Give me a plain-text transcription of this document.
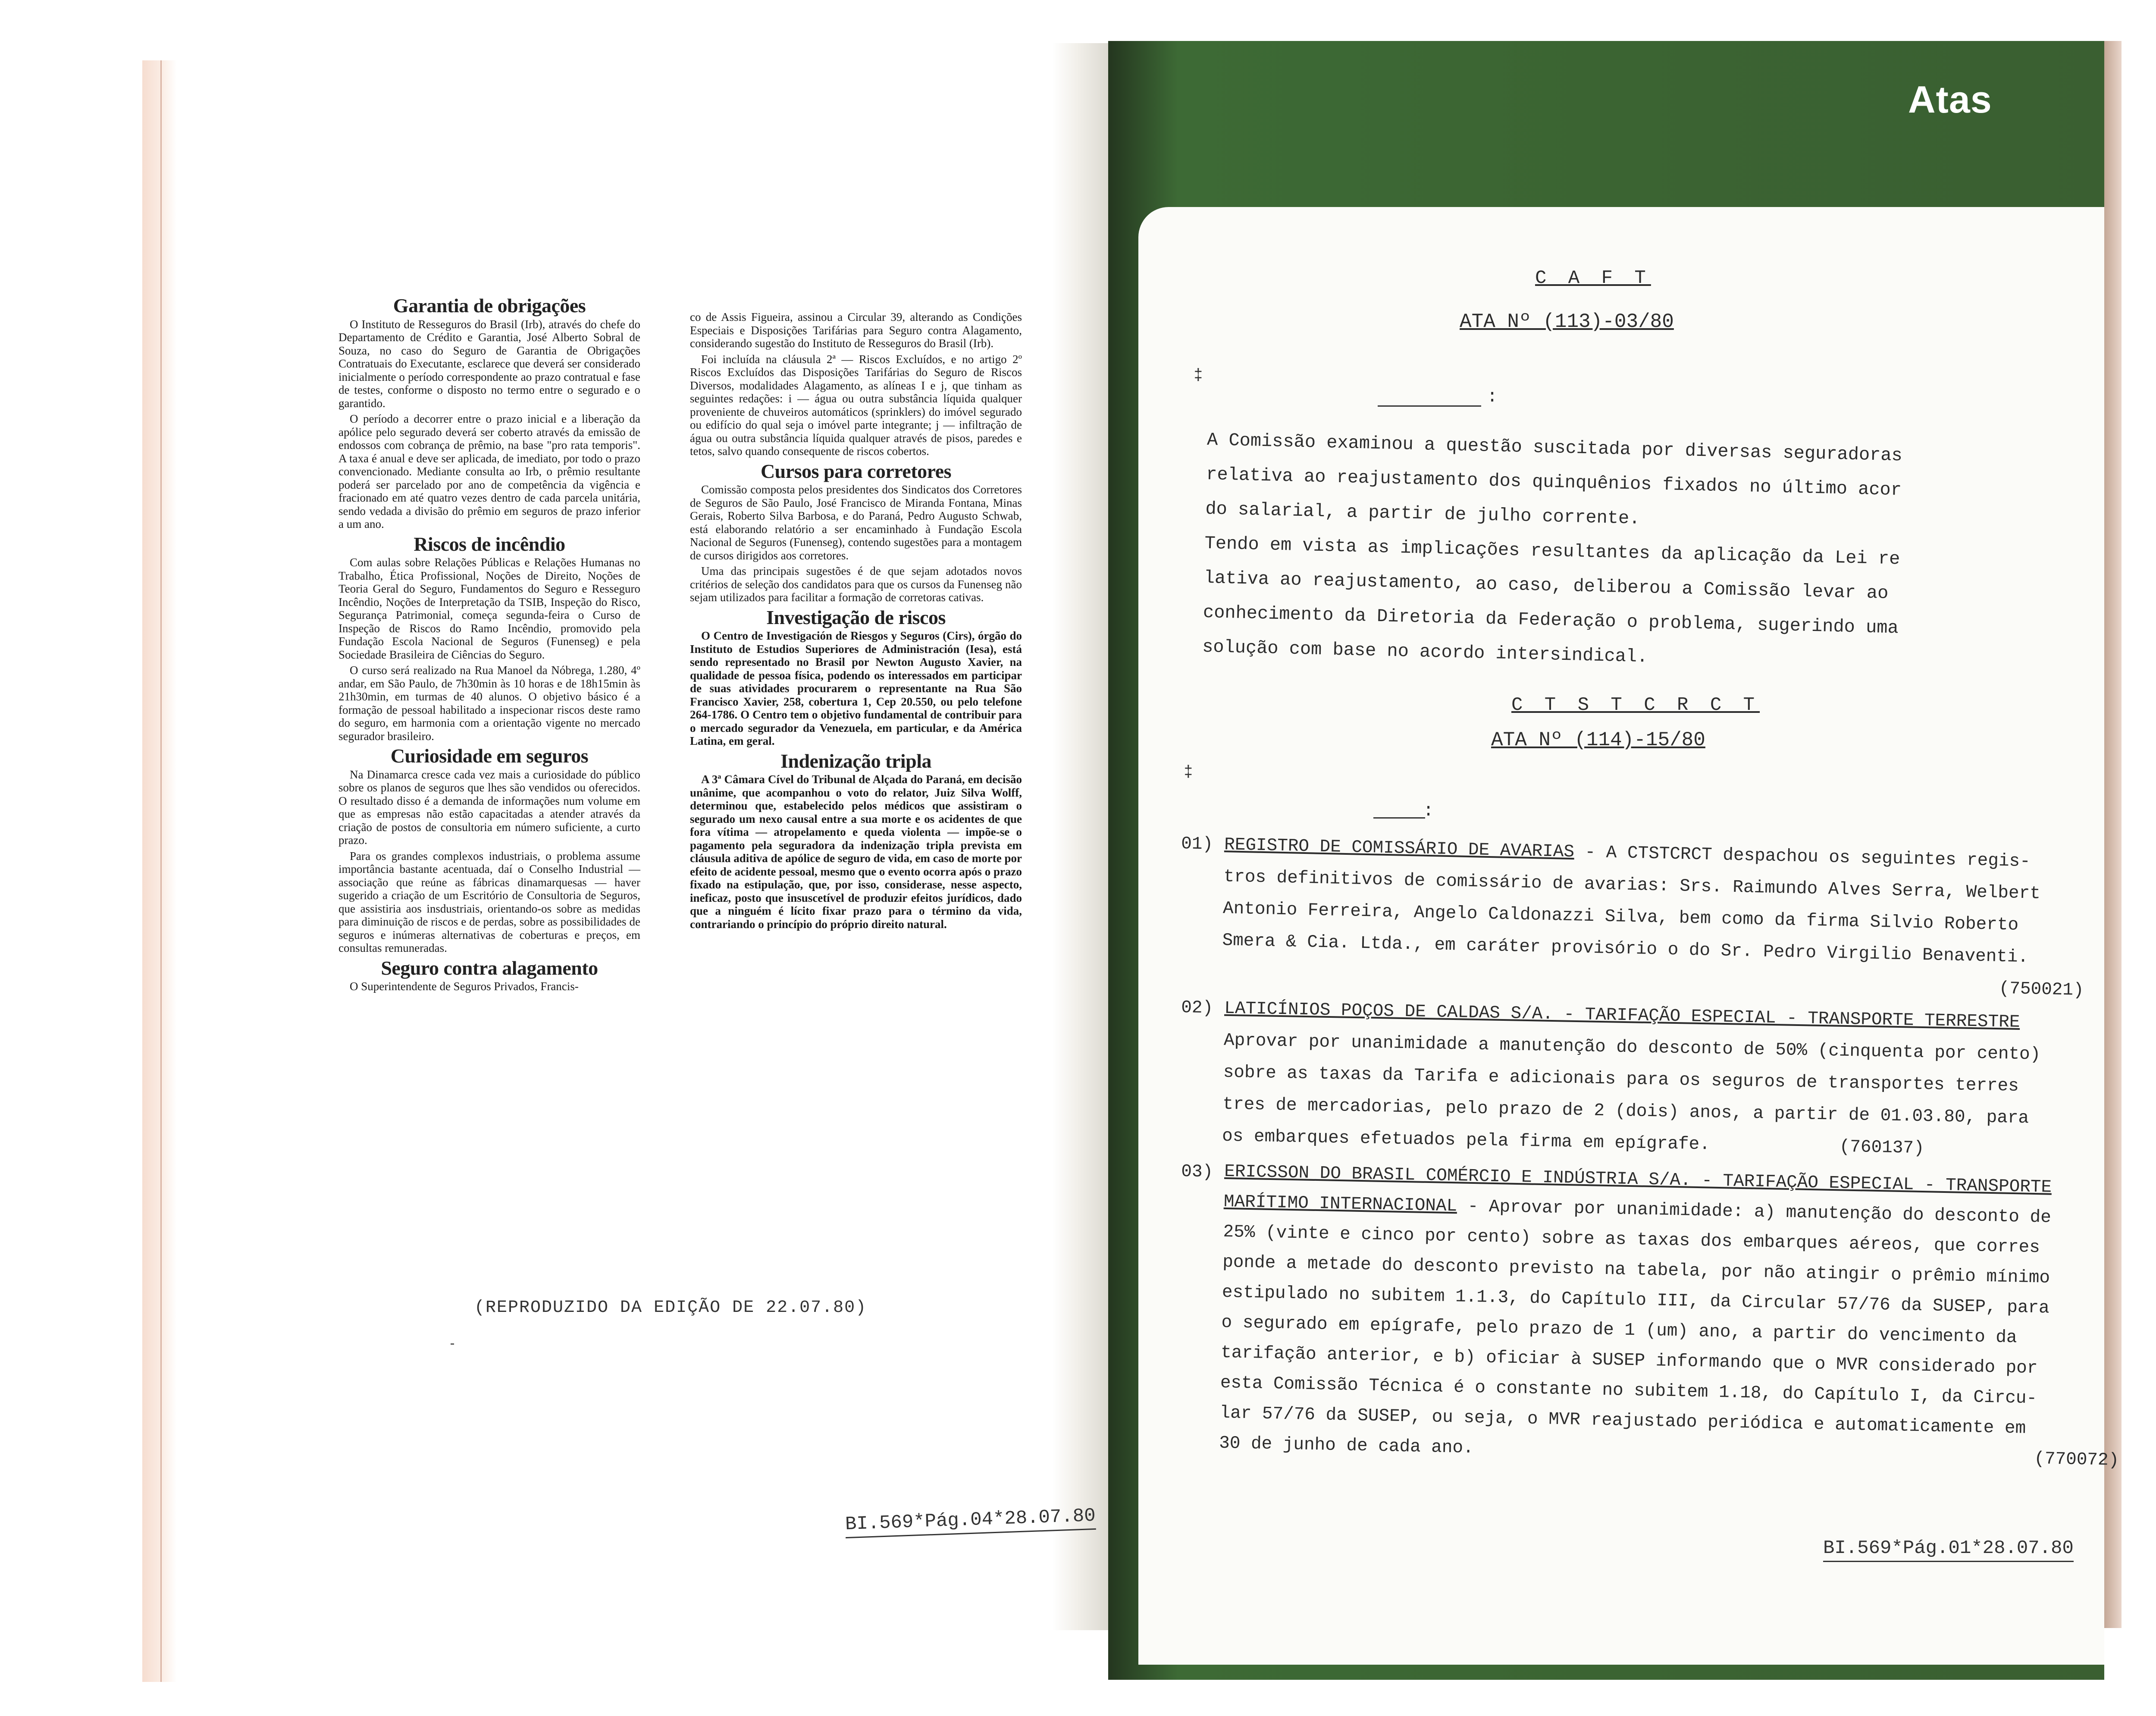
Garantia de obrigações

O Instituto de Resseguros do Brasil (Irb), através do chefe do Departamento de Crédito e Garantia, José Alberto Sobral de Souza, no caso do Seguro de Garantia de Obrigações Contratuais do Executante, esclarece que deverá ser considerado inicialmente o período correspondente ao prazo contratual e fase de testes, conforme o disposto no termo entre o segurado e o garantido.

O período a decorrer entre o prazo inicial e a liberação da apólice pelo segurado deverá ser coberto através da emissão de endossos com cobrança de prêmio, na base "pro rata temporis". A taxa é anual e deve ser aplicada, de imediato, por todo o prazo convencionado. Mediante consulta ao Irb, o prêmio resultante poderá ser parcelado por ano de competência da vigência e fracionado em até quatro vezes dentro de cada parcela unitária, sendo vedada a divisão do prêmio em seguros de prazo inferior a um ano.

Riscos de incêndio

Com aulas sobre Relações Públicas e Relações Humanas no Trabalho, Ética Profissional, Noções de Direito, Noções de Teoria Geral do Seguro, Fundamentos do Seguro e Resseguro Incêndio, Noções de Interpretação da TSIB, Inspeção do Risco, Segurança Patrimonial, começa segunda-feira o Curso de Inspeção de Riscos do Ramo Incêndio, promovido pela Fundação Escola Nacional de Seguros (Funenseg) e pela Sociedade Brasileira de Ciências do Seguro.

O curso será realizado na Rua Manoel da Nóbrega, 1.280, 4º andar, em São Paulo, de 7h30min às 10 horas e de 18h15min às 21h30min, em turmas de 40 alunos. O objetivo básico é a formação de pessoal habilitado a inspecionar riscos deste ramo do seguro, em harmonia com a orientação vigente no mercado segurador brasileiro.

Curiosidade em seguros

Na Dinamarca cresce cada vez mais a curiosidade do público sobre os planos de seguros que lhes são vendidos ou oferecidos. O resultado disso é a demanda de informações num volume em que as empresas não estão capacitadas a atender através da criação de postos de consultoria em número suficiente, a curto prazo.

Para os grandes complexos industriais, o problema assume importância bastante acentuada, daí o Conselho Industrial — associação que reúne as fábricas dinamarquesas — haver sugerido a criação de um Escritório de Consultoria de Seguros, que assistiria aos insdustriais, orientando-os sobre as medidas para diminuição de riscos e de perdas, sobre as possibilidades de seguros e inúmeras alternativas de coberturas e preços, em consultas remuneradas.

Seguro contra alagamento

O Superintendente de Seguros Privados, Francis-

co de Assis Figueira, assinou a Circular 39, alterando as Condições Especiais e Disposições Tarifárias para Seguro contra Alagamento, considerando sugestão do Instituto de Resseguros do Brasil (Irb).

Foi incluída na cláusula 2ª — Riscos Excluídos, e no artigo 2º Riscos Excluídos das Disposições Tarifárias do Seguro de Riscos Diversos, modalidades Alagamento, as alíneas I e j, que tinham as seguintes redações: i — água ou outra substância líquida qualquer proveniente de chuveiros automáticos (sprinklers) do imóvel segurado ou edifício do qual seja o imóvel parte integrante; j — infiltração de água ou outra substância líquida qualquer através de pisos, paredes e tetos, salvo quando consequente de riscos cobertos.

Cursos para corretores

Comissão composta pelos presidentes dos Sindicatos dos Corretores de Seguros de São Paulo, José Francisco de Miranda Fontana, Minas Gerais, Roberto Silva Barbosa, e do Paraná, Pedro Augusto Schwab, está elaborando relatório a ser encaminhado à Fundação Escola Nacional de Seguros (Funenseg), contendo sugestões para a montagem de cursos dirigidos aos corretores.

Uma das principais sugestões é de que sejam adotados novos critérios de seleção dos candidatos para que os cursos da Funenseg não sejam utilizados para facilitar a formação de corretoras cativas.

Investigação de riscos

O Centro de Investigación de Riesgos y Seguros (Cirs), órgão do Instituto de Estudios Superiores de Administración (Iesa), está sendo representado no Brasil por Newton Augusto Xavier, na qualidade de pessoa física, podendo os interessados em participar de suas atividades procurarem o representante na Rua São Francisco Xavier, 258, cobertura 1, Cep 20.550, ou pelo telefone 264-1786. O Centro tem o objetivo fundamental de contribuir para o mercado segurador da Venezuela, em particular, e da América Latina, em geral.

Indenização tripla

A 3ª Câmara Cível do Tribunal de Alçada do Paraná, em decisão unânime, que acompanhou o voto do relator, Juiz Silva Wolff, determinou que, estabelecido pelos médicos que assistiram o segurado um nexo causal entre a sua morte e os acidentes de que fora vítima — atropelamento e queda violenta — impõe-se o pagamento pela seguradora da indenização tripla prevista em cláusula aditiva de apólice de seguro de vida, em caso de morte por efeito de acidente pessoal, mesmo que o evento ocorra após o prazo fixado na estipulação, que, por isso, considerase, nesse aspecto, ineficaz, posto que insuscetível de produzir efeitos jurídicos, dado que a ninguém é lícito fixar prazo para o término da vida, contrariando o princípio do próprio direito natural.

(REPRODUZIDO DA EDIÇÃO DE 22.07.80)
BI.569*Pág.04*28.07.80
Atas
C A F T
ATA Nº (113)-03/80
‡
:
A Comissão examinou a questão suscitada por diversas seguradoras
relativa ao reajustamento dos quinquênios fixados no último acor
do salarial, a partir de julho corrente.
Tendo em vista as implicações resultantes da aplicação da Lei re
lativa ao reajustamento, ao caso, deliberou a Comissão levar ao
conhecimento da Diretoria da Federação o problema, sugerindo uma
solução com base no acordo intersindical.
C T S T C R C T
ATA Nº (114)-15/80
‡
:
01) REGISTRO DE COMISSÁRIO DE AVARIAS - A CTSTCRCT despachou os seguintes regis-
tros definitivos de comissário de avarias: Srs. Raimundo Alves Serra, Welbert
Antonio Ferreira, Angelo Caldonazzi Silva, bem como da firma Silvio Roberto
Smera & Cia. Ltda., em caráter provisório o do Sr. Pedro Virgilio Benaventi.
(750021)
02) LATICÍNIOS POÇOS DE CALDAS S/A. - TARIFAÇÃO ESPECIAL - TRANSPORTE TERRESTRE
Aprovar por unanimidade a manutenção do desconto de 50% (cinquenta por cento)
sobre as taxas da Tarifa e adicionais para os seguros de transportes terres
tres de mercadorias, pelo prazo de 2 (dois) anos, a partir de 01.03.80, para
os embarques efetuados pela firma em epígrafe.	(760137)
03) ERICSSON DO BRASIL COMÉRCIO E INDÚSTRIA S/A. - TARIFAÇÃO ESPECIAL - TRANSPORTE
MARÍTIMO INTERNACIONAL - Aprovar por unanimidade: a) manutenção do desconto de
25% (vinte e cinco por cento) sobre as taxas dos embarques aéreos, que corres
ponde a metade do desconto previsto na tabela, por não atingir o prêmio mínimo
estipulado no subitem 1.1.3, do Capítulo III, da Circular 57/76 da SUSEP, para
o segurado em epígrafe, pelo prazo de 1 (um) ano, a partir do vencimento da
tarifação anterior, e b) oficiar à SUSEP informando que o MVR considerado por
esta Comissão Técnica é o constante no subitem 1.18, do Capítulo I, da Circu-
lar 57/76 da SUSEP, ou seja, o MVR reajustado periódica e automaticamente em
30 de junho de cada ano.(770072)
BI.569*Pág.01*28.07.80
